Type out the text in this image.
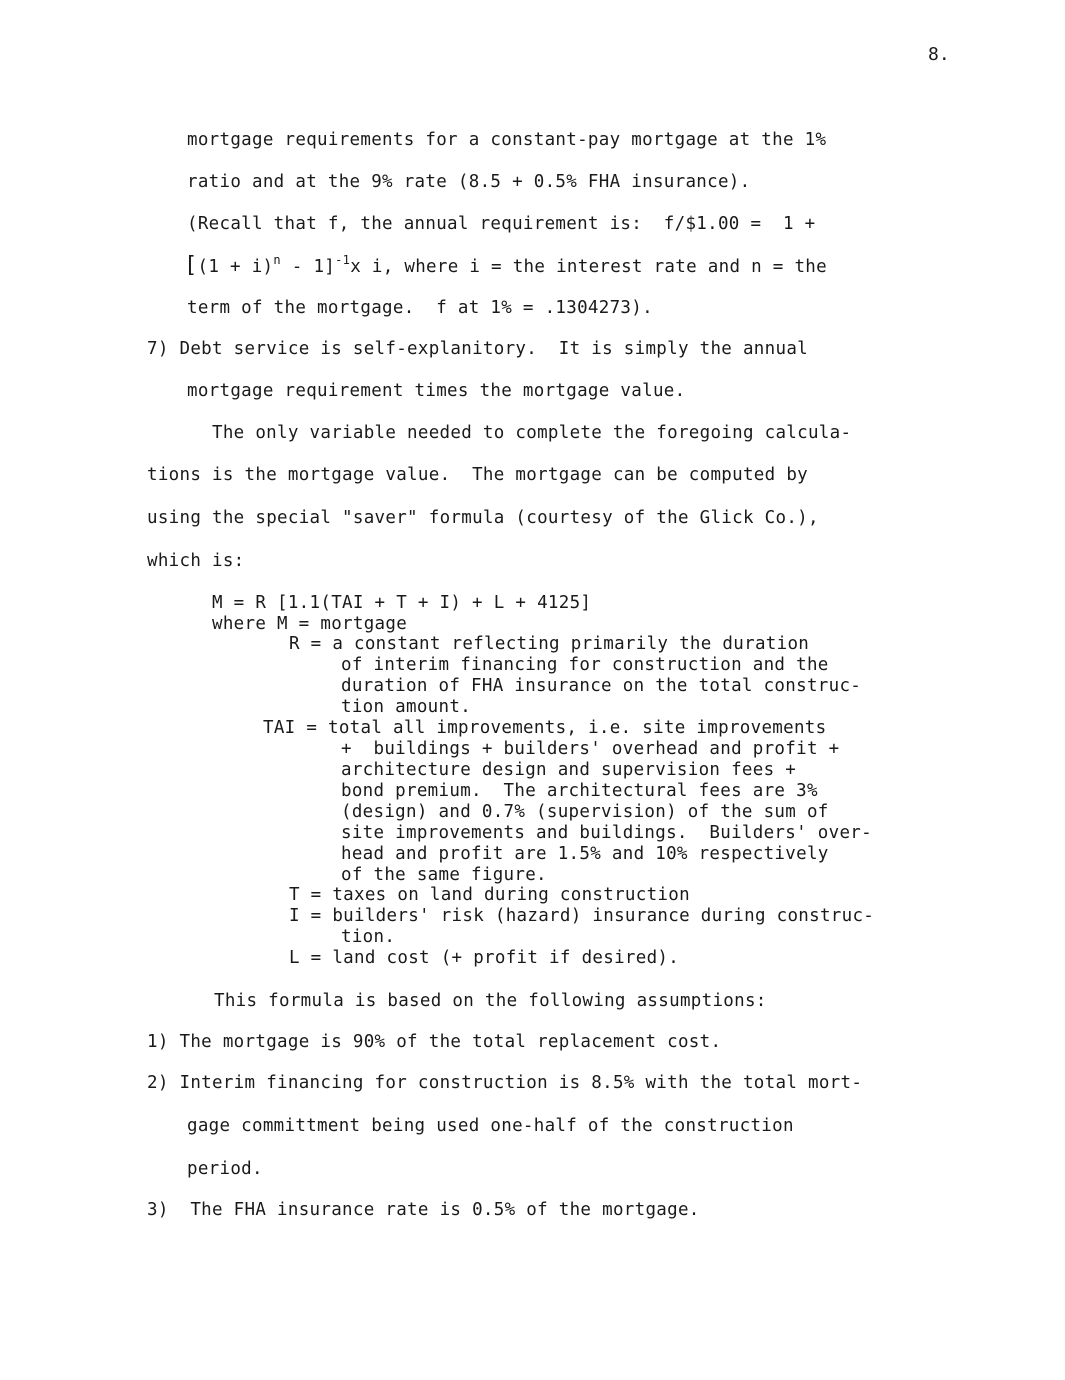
8.
mortgage requirements for a constant-pay mortgage at the 1%
ratio and at the 9% rate (8.5 + 0.5% FHA insurance).
(Recall that f, the annual requirement is:  f/$1.00 =  1 +
$[(1 + i)^n - 1]^{-1}x$ i, where i = the interest rate and n = the
term of the mortgage.  f at 1% = .1304273).
7) Debt service is self-explanitory.  It is simply the annual
mortgage requirement times the mortgage value.
The only variable needed to complete the foregoing calcula-
tions is the mortgage value.  The mortgage can be computed by
using the special "saver" formula (courtesy of the Glick Co.),
which is:
M = R [1.1(TAI + T + I) + L + 4125]
where M = mortgage
R = a constant reflecting primarily the duration
of interim financing for construction and the
duration of FHA insurance on the total construc-
tion amount.
TAI = total all improvements, i.e. site improvements
+  buildings + builders' overhead and profit +
architecture design and supervision fees +
bond premium.  The architectural fees are 3%
(design) and 0.7% (supervision) of the sum of
site improvements and buildings.  Builders' over-
head and profit are 1.5% and 10% respectively
of the same figure.
T = taxes on land during construction
I = builders' risk (hazard) insurance during construc-
tion.
L = land cost (+ profit if desired).
This formula is based on the following assumptions:
1) The mortgage is 90% of the total replacement cost.
2) Interim financing for construction is 8.5% with the total mort-
gage committment being used one-half of the construction
period.
3)  The FHA insurance rate is 0.5% of the mortgage.
